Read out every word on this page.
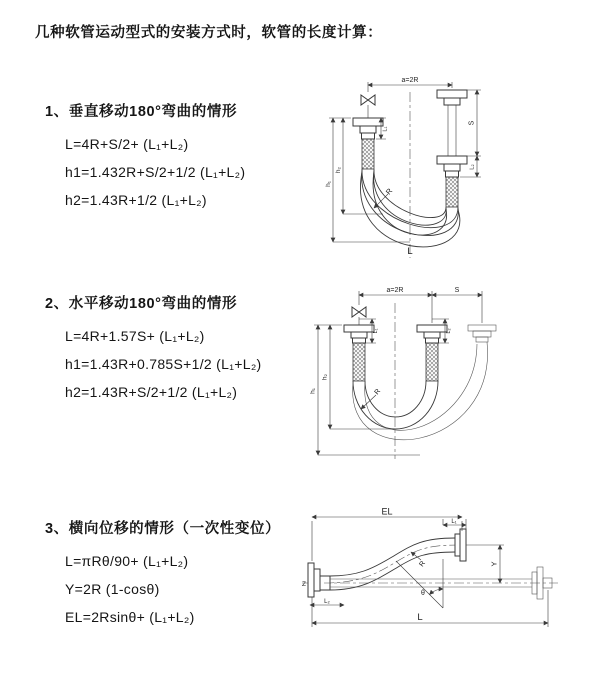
几种软管运动型式的安装方式时，软管的长度计算：
1、垂直移动180°弯曲的情形
L=4R+S/2+ (L₁+L₂)
h1=1.432R+S/2+1/2 (L₁+L₂)
h2=1.43R+1/2 (L₁+L₂)
2、水平移动180°弯曲的情形
L=4R+1.57S+ (L₁+L₂)
h1=1.43R+0.785S+1/2 (L₁+L₂)
h2=1.43R+S/2+1/2 (L₁+L₂)
3、横向位移的情形（一次性变位）
L=πRθ/90+ (L₁+L₂)
Y=2R (1-cosθ)
EL=2Rsinθ+ (L₁+L₂)
a=2R
h₁
h₂
L₁
S
L₂
R
L
a=2R	S
h₁
h₂
L₁	L₂
R
Z
θ
EL
L₁
Y
L
L₂
R
